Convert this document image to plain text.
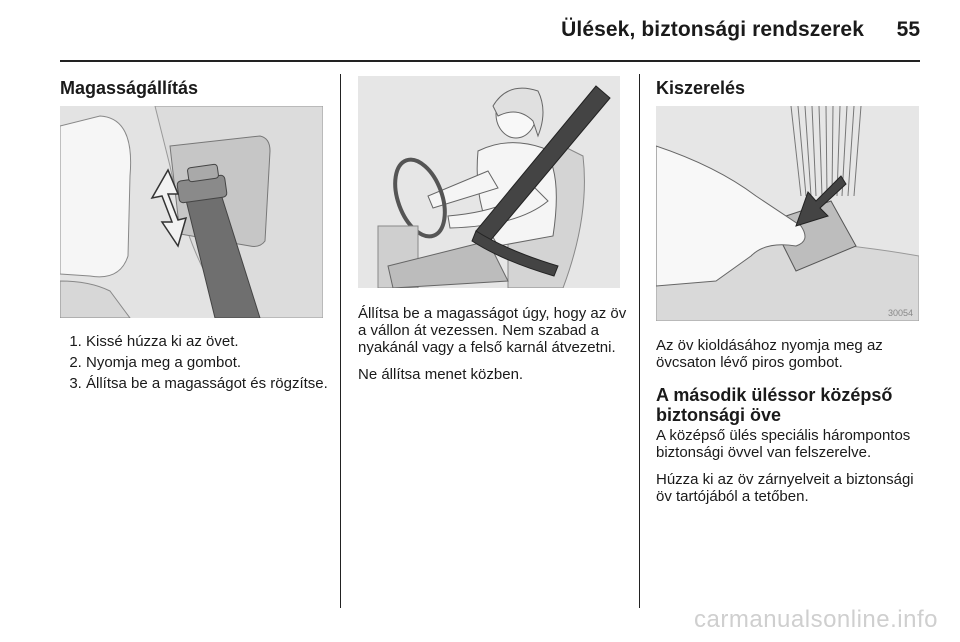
Ülések, biztonsági rendszerek 55
Magasságállítás
1. Kissé húzza ki az övet.
2. Nyomja meg a gombot.
3. Állítsa be a magasságot és rögzítse.

Állítsa be a magasságot úgy, hogy az öv a vállon át vezessen. Nem szabad a nyakánál vagy a felső karnál átvezetni.

Ne állítsa menet közben.

Kiszerelés
30054

Az öv kioldásához nyomja meg az övcsaton lévő piros gombot.

A második üléssor középső biztonsági öve

A középső ülés speciális hárompontos biztonsági övvel van felszerelve.

Húzza ki az öv zárnyelveit a biztonsági öv tartójából a tetőben.

carmanualsonline.info
